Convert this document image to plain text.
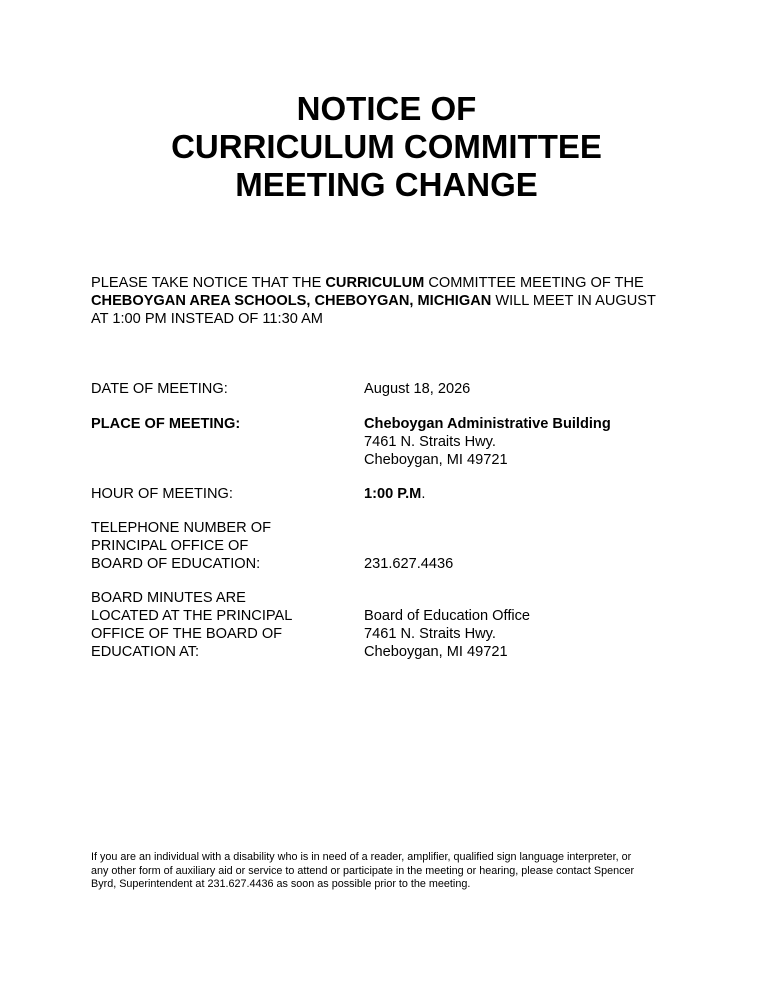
NOTICE OF
CURRICULUM COMMITTEE
MEETING CHANGE
PLEASE TAKE NOTICE THAT THE CURRICULUM COMMITTEE MEETING OF THE
CHEBOYGAN AREA SCHOOLS, CHEBOYGAN, MICHIGAN WILL MEET IN AUGUST
AT 1:00 PM INSTEAD OF 11:30 AM
DATE OF MEETING:	August 18, 2026
PLACE OF MEETING:	Cheboygan Administrative Building
7461 N. Straits Hwy.
Cheboygan, MI 49721
HOUR OF MEETING:	1:00 P.M.
TELEPHONE NUMBER OF
PRINCIPAL OFFICE OF
BOARD OF EDUCATION:	231.627.4436
BOARD MINUTES ARE
LOCATED AT THE PRINCIPAL
OFFICE OF THE BOARD OF
EDUCATION AT:
Board of Education Office
7461 N. Straits Hwy.
Cheboygan, MI 49721
If you are an individual with a disability who is in need of a reader, amplifier, qualified sign language interpreter, or
any other form of auxiliary aid or service to attend or participate in the meeting or hearing, please contact Spencer
Byrd, Superintendent at 231.627.4436 as soon as possible prior to the meeting.
